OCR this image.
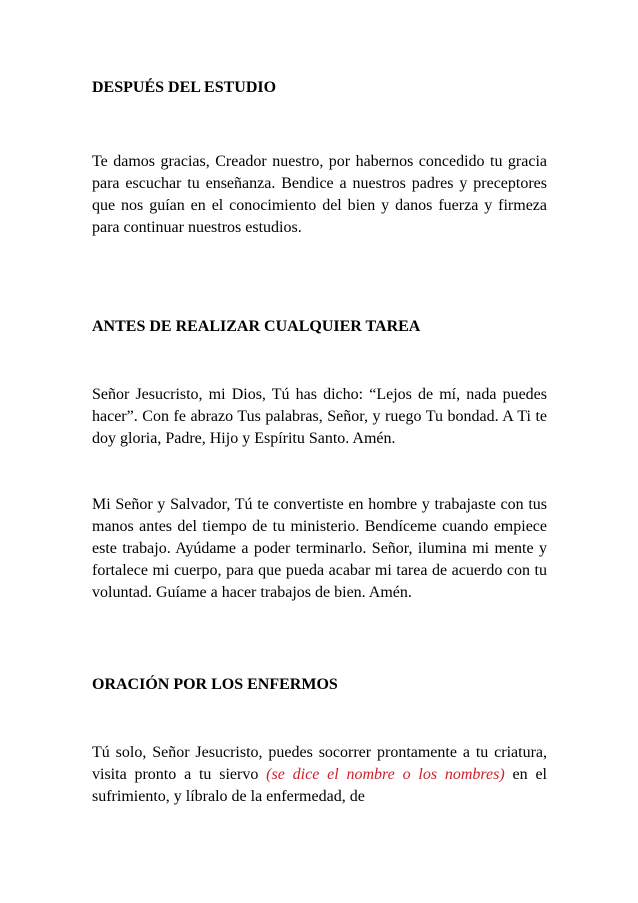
DESPUÉS DEL ESTUDIO

Te damos gracias, Creador nuestro, por habernos concedido tu gracia para escuchar tu enseñanza. Bendice a nuestros padres y preceptores que nos guían en el conocimiento del bien y danos fuerza y firmeza para continuar nuestros estudios.

ANTES DE REALIZAR CUALQUIER TAREA

Señor Jesucristo, mi Dios, Tú has dicho: “Lejos de mí, nada puedes hacer”. Con fe abrazo Tus palabras, Señor, y ruego Tu bondad. A Ti te doy gloria, Padre, Hijo y Espíritu Santo. Amén.

Mi Señor y Salvador, Tú te convertiste en hombre y trabajaste con tus manos antes del tiempo de tu ministerio. Bendíceme cuando empiece este trabajo. Ayúdame a poder terminarlo. Señor, ilumina mi mente y fortalece mi cuerpo, para que pueda acabar mi tarea de acuerdo con tu voluntad. Guíame a hacer trabajos de bien. Amén.

ORACIÓN POR LOS ENFERMOS

Tú solo, Señor Jesucristo, puedes socorrer prontamente a tu criatura, visita pronto a tu siervo (se dice el nombre o los nombres) en el sufrimiento, y líbralo de la enfermedad, de
